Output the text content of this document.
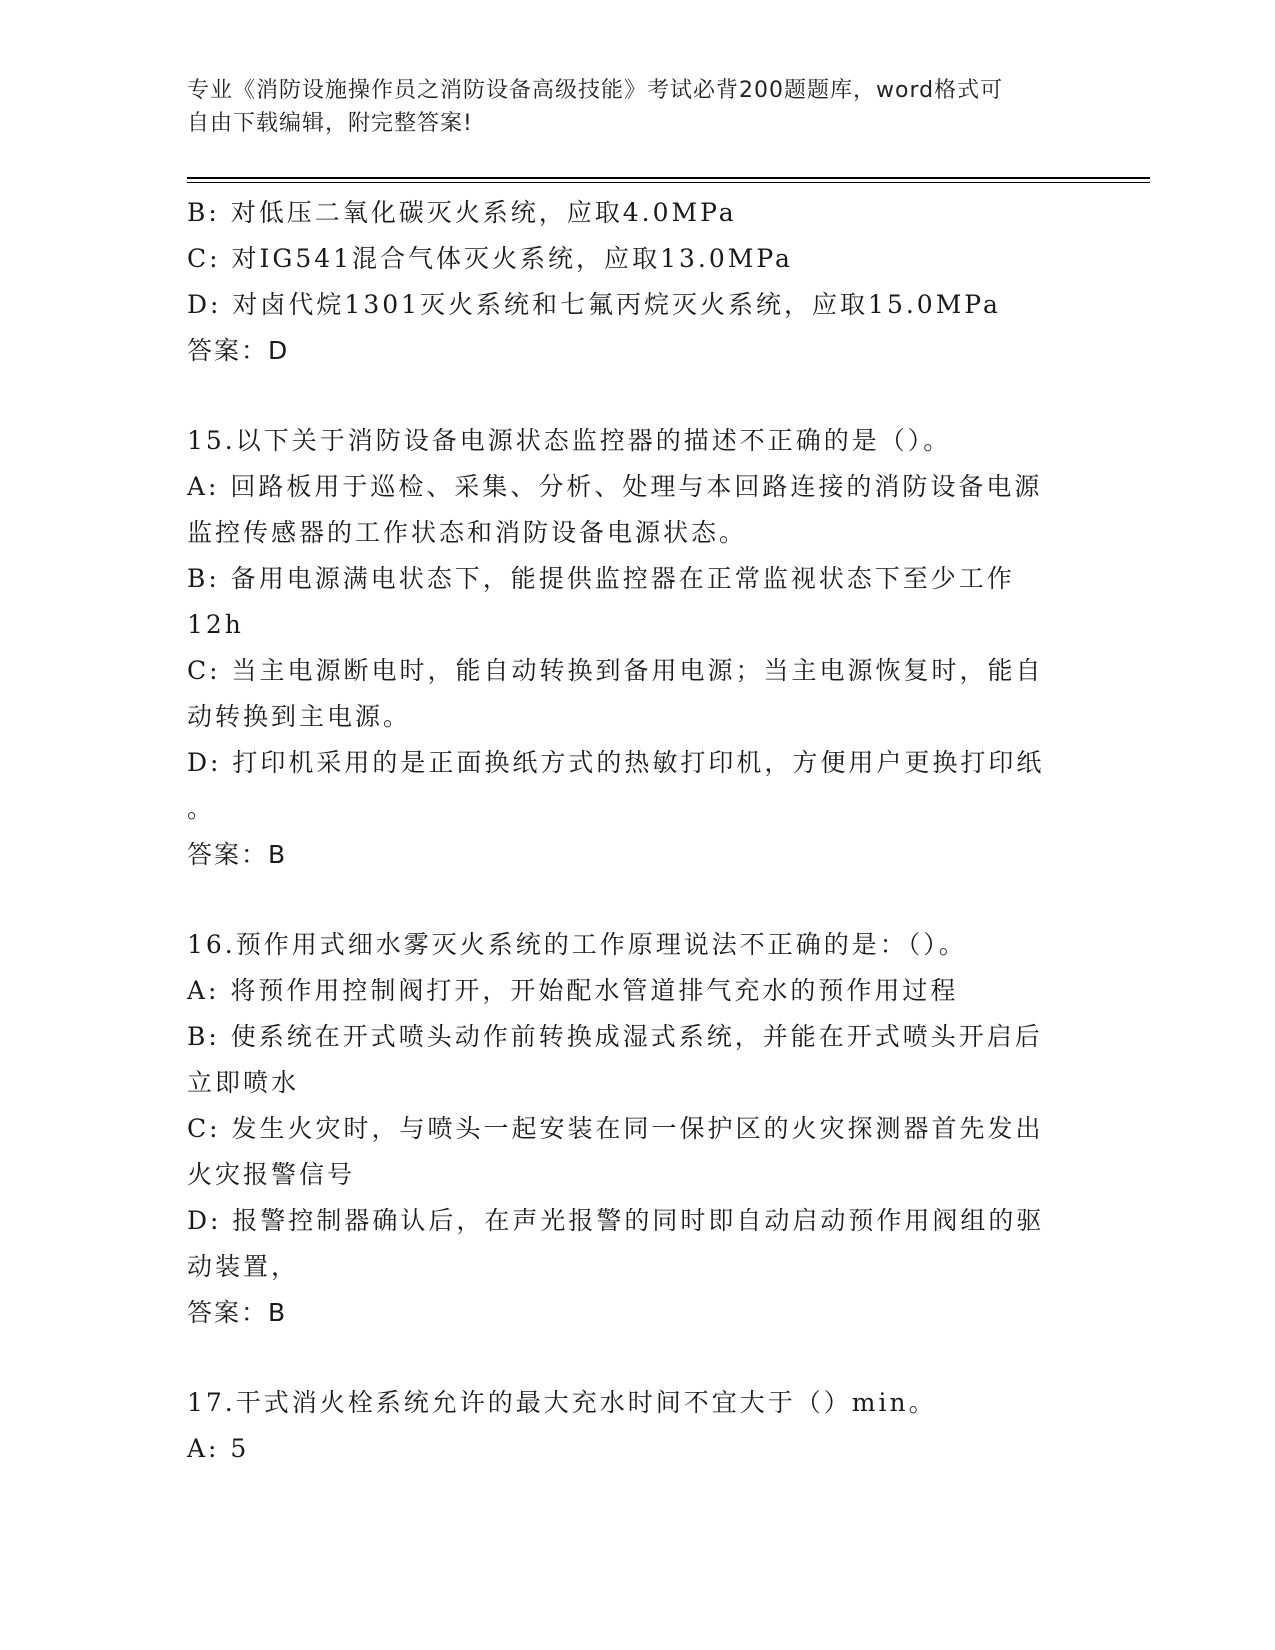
专业《消防设施操作员之消防设备高级技能》考试必背200题题库，word格式可
自由下载编辑，附完整答案!
B: 对低压二氧化碳灭火系统，应取4.0MPa
C: 对IG541混合气体灭火系统，应取13.0MPa
D: 对卤代烷1301灭火系统和七氟丙烷灭火系统，应取15.0MPa
答案：D
15.以下关于消防设备电源状态监控器的描述不正确的是（）。
A: 回路板用于巡检、采集、分析、处理与本回路连接的消防设备电源
监控传感器的工作状态和消防设备电源状态。
B: 备用电源满电状态下，能提供监控器在正常监视状态下至少工作
12h
C: 当主电源断电时，能自动转换到备用电源；当主电源恢复时，能自
动转换到主电源。
D: 打印机采用的是正面换纸方式的热敏打印机，方便用户更换打印纸
。
答案：B
16.预作用式细水雾灭火系统的工作原理说法不正确的是：（）。
A: 将预作用控制阀打开，开始配水管道排气充水的预作用过程
B: 使系统在开式喷头动作前转换成湿式系统，并能在开式喷头开启后
立即喷水
C: 发生火灾时，与喷头一起安装在同一保护区的火灾探测器首先发出
火灾报警信号
D: 报警控制器确认后，在声光报警的同时即自动启动预作用阀组的驱
动装置，
答案：B
17.干式消火栓系统允许的最大充水时间不宜大于（）min。
A: 5
